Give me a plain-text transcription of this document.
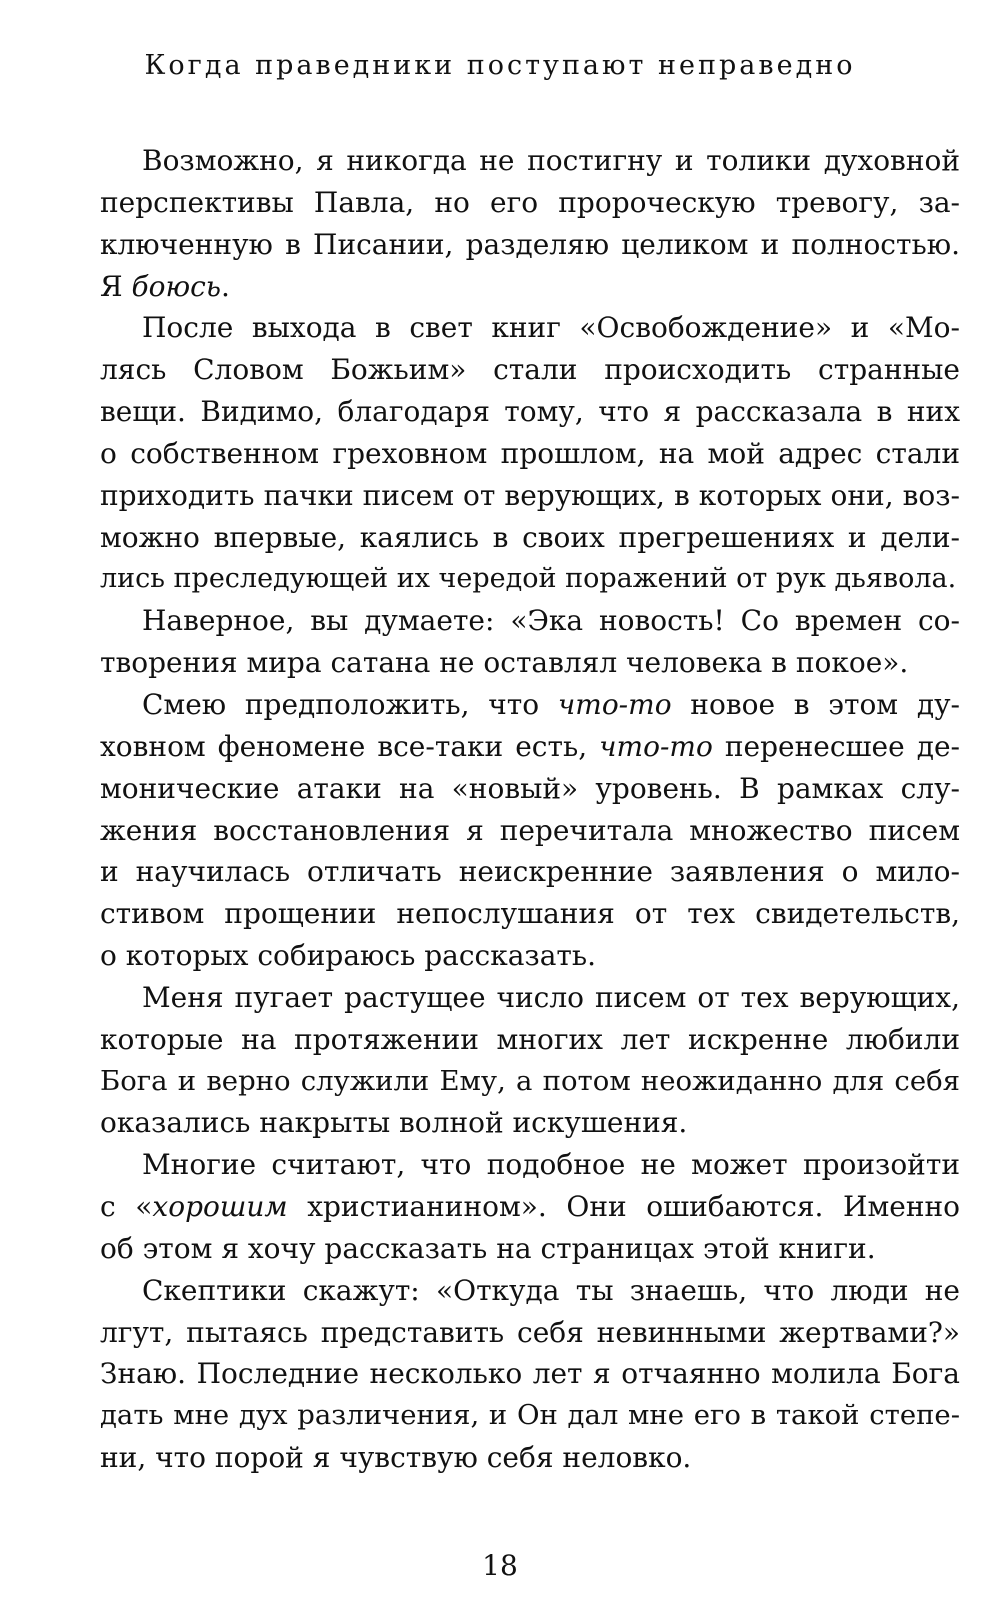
Когда праведники поступают неправедно
Возможно, я никогда не постигну и толики духовной
перспективы Павла, но его пророческую тревогу, за-
ключенную в Писании, разделяю целиком и полностью.
Я боюсь.
После выхода в свет книг «Освобождение» и «Мо-
лясь Словом Божьим» стали происходить странные
вещи. Видимо, благодаря тому, что я рассказала в них
о собственном греховном прошлом, на мой адрес стали
приходить пачки писем от верующих, в которых они, воз-
можно впервые, каялись в своих прегрешениях и дели-
лись преследующей их чередой поражений от рук дьявола.
Наверное, вы думаете: «Эка новость! Со времен со-
творения мира сатана не оставлял человека в покое».
Смею предположить, что что-то новое в этом ду-
ховном феномене все-таки есть, что-то перенесшее де-
монические атаки на «новый» уровень. В рамках слу-
жения восстановления я перечитала множество писем
и научилась отличать неискренние заявления о мило-
стивом прощении непослушания от тех свидетельств,
о которых собираюсь рассказать.
Меня пугает растущее число писем от тех верующих,
которые на протяжении многих лет искренне любили
Бога и верно служили Ему, а потом неожиданно для себя
оказались накрыты волной искушения.
Многие считают, что подобное не может произойти
с «хорошим христианином». Они ошибаются. Именно
об этом я хочу рассказать на страницах этой книги.
Скептики скажут: «Откуда ты знаешь, что люди не
лгут, пытаясь представить себя невинными жертвами?»
Знаю. Последние несколько лет я отчаянно молила Бога
дать мне дух различения, и Он дал мне его в такой степе-
ни, что порой я чувствую себя неловко.
18
